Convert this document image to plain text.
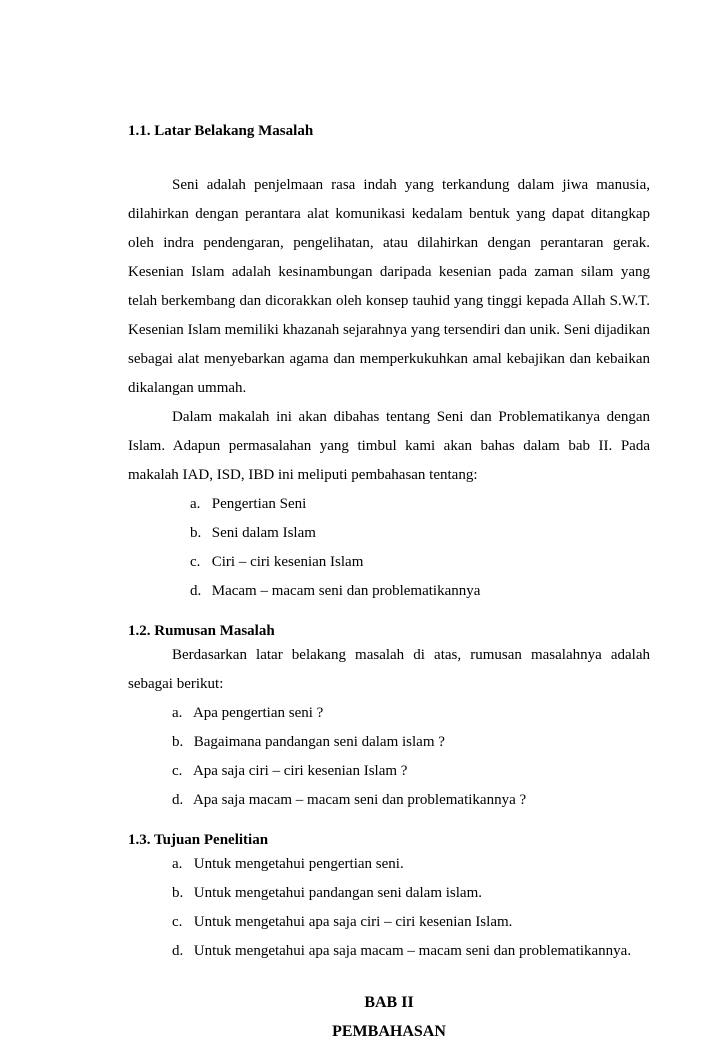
1.1. Latar Belakang Masalah

Seni adalah penjelmaan rasa indah yang terkandung dalam jiwa manusia, dilahirkan dengan perantara alat komunikasi kedalam bentuk yang dapat ditangkap oleh indra pendengaran, pengelihatan, atau dilahirkan dengan perantaran gerak. Kesenian Islam adalah kesinambungan daripada kesenian pada zaman silam yang telah berkembang dan dicorakkan oleh konsep tauhid yang tinggi kepada Allah S.W.T. Kesenian Islam memiliki khazanah sejarahnya yang tersendiri dan unik. Seni dijadikan sebagai alat menyebarkan agama dan memperkukuhkan amal kebajikan dan kebaikan dikalangan ummah.

Dalam makalah ini akan dibahas tentang Seni dan Problematikanya dengan Islam. Adapun permasalahan yang timbul kami akan bahas dalam bab II. Pada makalah IAD, ISD, IBD ini meliputi pembahasan tentang:

a. Pengertian Seni
b. Seni dalam Islam
c. Ciri – ciri kesenian Islam
d. Macam – macam seni dan problematikannya
1.2. Rumusan Masalah

Berdasarkan latar belakang masalah di atas, rumusan masalahnya adalah sebagai berikut:

a. Apa pengertian seni ?
b. Bagaimana pandangan seni dalam islam ?
c. Apa saja ciri – ciri kesenian Islam ?
d. Apa saja macam – macam seni dan problematikannya ?
1.3. Tujuan Penelitian
a. Untuk mengetahui pengertian seni.
b. Untuk mengetahui pandangan seni dalam islam.
c. Untuk mengetahui apa saja ciri – ciri kesenian Islam.
d. Untuk mengetahui apa saja macam – macam seni dan problematikannya.
BAB II
PEMBAHASAN
